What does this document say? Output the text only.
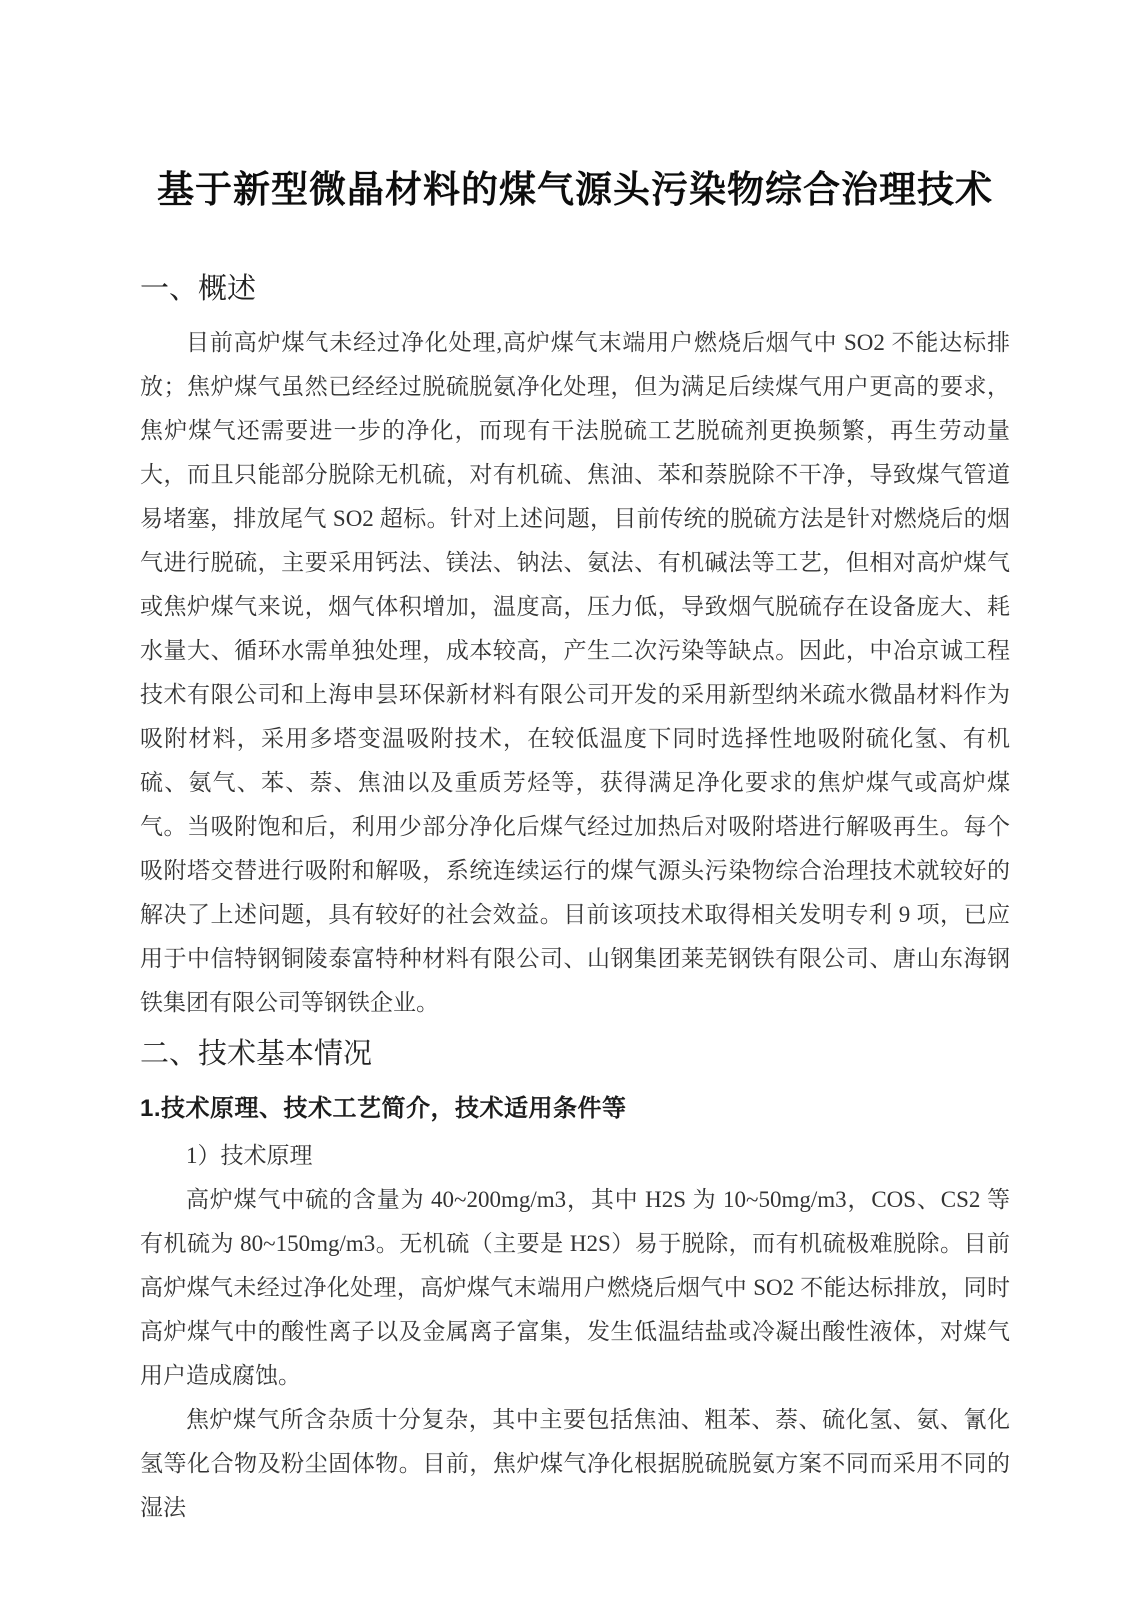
基于新型微晶材料的煤气源头污染物综合治理技术
一、概述

目前高炉煤气未经过净化处理,高炉煤气末端用户燃烧后烟气中 SO2 不能达标排放；焦炉煤气虽然已经经过脱硫脱氨净化处理，但为满足后续煤气用户更高的要求，焦炉煤气还需要进一步的净化，而现有干法脱硫工艺脱硫剂更换频繁，再生劳动量大，而且只能部分脱除无机硫，对有机硫、焦油、苯和萘脱除不干净，导致煤气管道易堵塞，排放尾气 SO2 超标。针对上述问题，目前传统的脱硫方法是针对燃烧后的烟气进行脱硫，主要采用钙法、镁法、钠法、氨法、有机碱法等工艺，但相对高炉煤气或焦炉煤气来说，烟气体积增加，温度高，压力低，导致烟气脱硫存在设备庞大、耗水量大、循环水需单独处理，成本较高，产生二次污染等缺点。因此，中冶京诚工程技术有限公司和上海申昙环保新材料有限公司开发的采用新型纳米疏水微晶材料作为吸附材料，采用多塔变温吸附技术，在较低温度下同时选择性地吸附硫化氢、有机硫、氨气、苯、萘、焦油以及重质芳烃等，获得满足净化要求的焦炉煤气或高炉煤气。当吸附饱和后，利用少部分净化后煤气经过加热后对吸附塔进行解吸再生。每个吸附塔交替进行吸附和解吸，系统连续运行的煤气源头污染物综合治理技术就较好的解决了上述问题，具有较好的社会效益。目前该项技术取得相关发明专利 9 项，已应用于中信特钢铜陵泰富特种材料有限公司、山钢集团莱芜钢铁有限公司、唐山东海钢铁集团有限公司等钢铁企业。

二、技术基本情况
1.技术原理、技术工艺简介，技术适用条件等

1）技术原理

高炉煤气中硫的含量为 40~200mg/m3，其中 H2S 为 10~50mg/m3，COS、CS2 等有机硫为 80~150mg/m3。无机硫（主要是 H2S）易于脱除，而有机硫极难脱除。目前高炉煤气未经过净化处理，高炉煤气末端用户燃烧后烟气中 SO2 不能达标排放，同时高炉煤气中的酸性离子以及金属离子富集，发生低温结盐或冷凝出酸性液体，对煤气用户造成腐蚀。

焦炉煤气所含杂质十分复杂，其中主要包括焦油、粗苯、萘、硫化氢、氨、氰化氢等化合物及粉尘固体物。目前，焦炉煤气净化根据脱硫脱氨方案不同而采用不同的湿法
